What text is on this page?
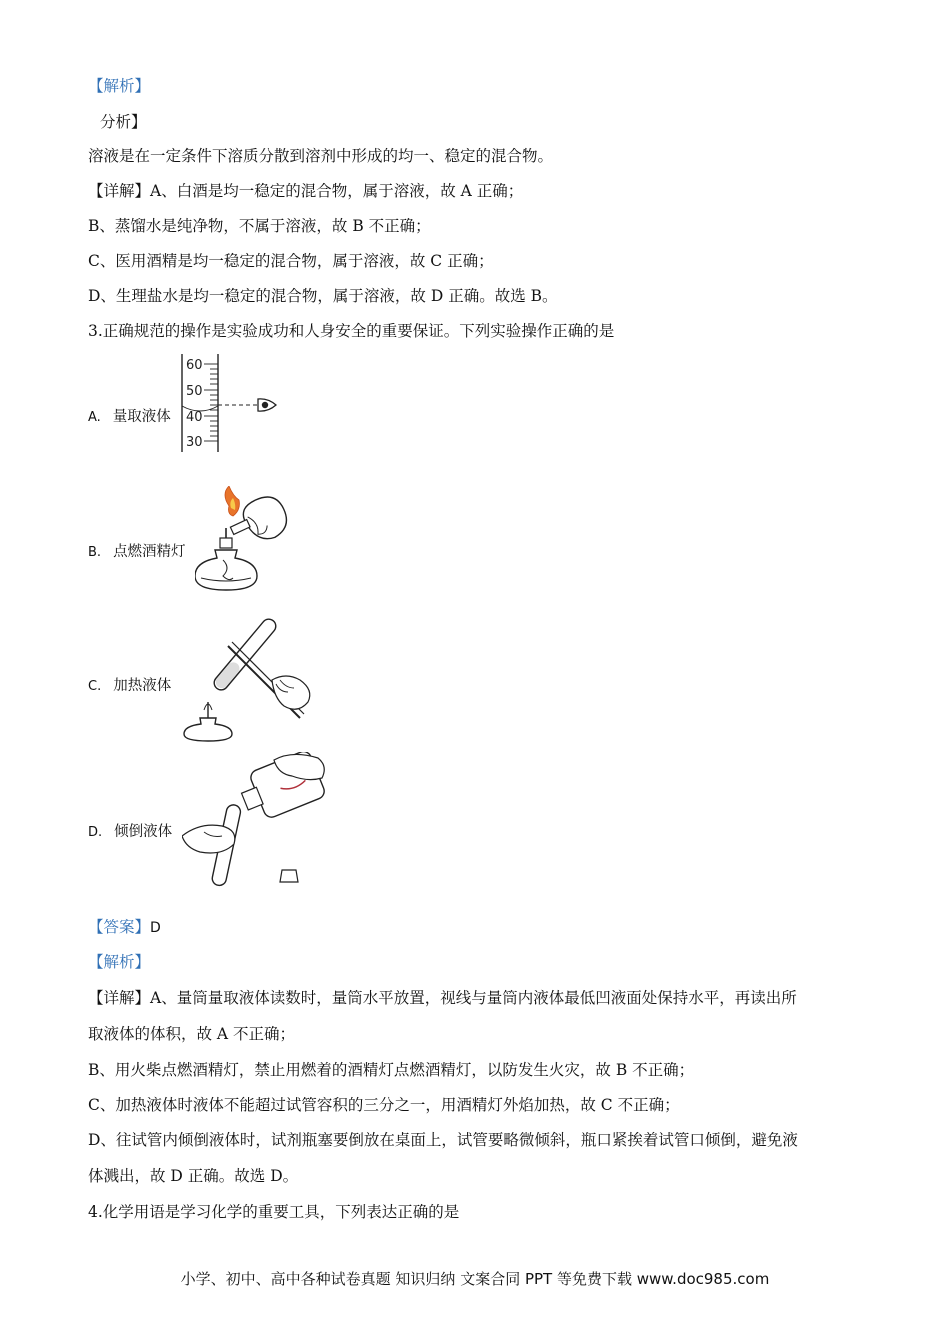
【解析】
分析】
溶液是在一定条件下溶质分散到溶剂中形成的均一、稳定的混合物。
【详解】A、白酒是均一稳定的混合物，属于溶液，故 A 正确；
B、蒸馏水是纯净物，不属于溶液，故 B 不正确；
C、医用酒精是均一稳定的混合物，属于溶液，故 C 正确；
D、生理盐水是均一稳定的混合物，属于溶液，故 D 正确。故选 B。
3.正确规范的操作是实验成功和人身安全的重要保证。下列实验操作正确的是
A. 量取液体
60
50
40
30
B. 点燃酒精灯
C. 加热液体
D. 倾倒液体
【答案】D
【解析】
【详解】A、量筒量取液体读数时，量筒水平放置，视线与量筒内液体最低凹液面处保持水平，再读出所
取液体的体积，故 A 不正确；
B、用火柴点燃酒精灯，禁止用燃着的酒精灯点燃酒精灯，以防发生火灾，故 B 不正确；
C、加热液体时液体不能超过试管容积的三分之一，用酒精灯外焰加热，故 C 不正确；
D、往试管内倾倒液体时，试剂瓶塞要倒放在桌面上，试管要略微倾斜，瓶口紧挨着试管口倾倒，避免液
体溅出，故 D 正确。故选 D。
4.化学用语是学习化学的重要工具，下列表达正确的是
小学、初中、高中各种试卷真题 知识归纳 文案合同 PPT 等免费下载 www.doc985.com
